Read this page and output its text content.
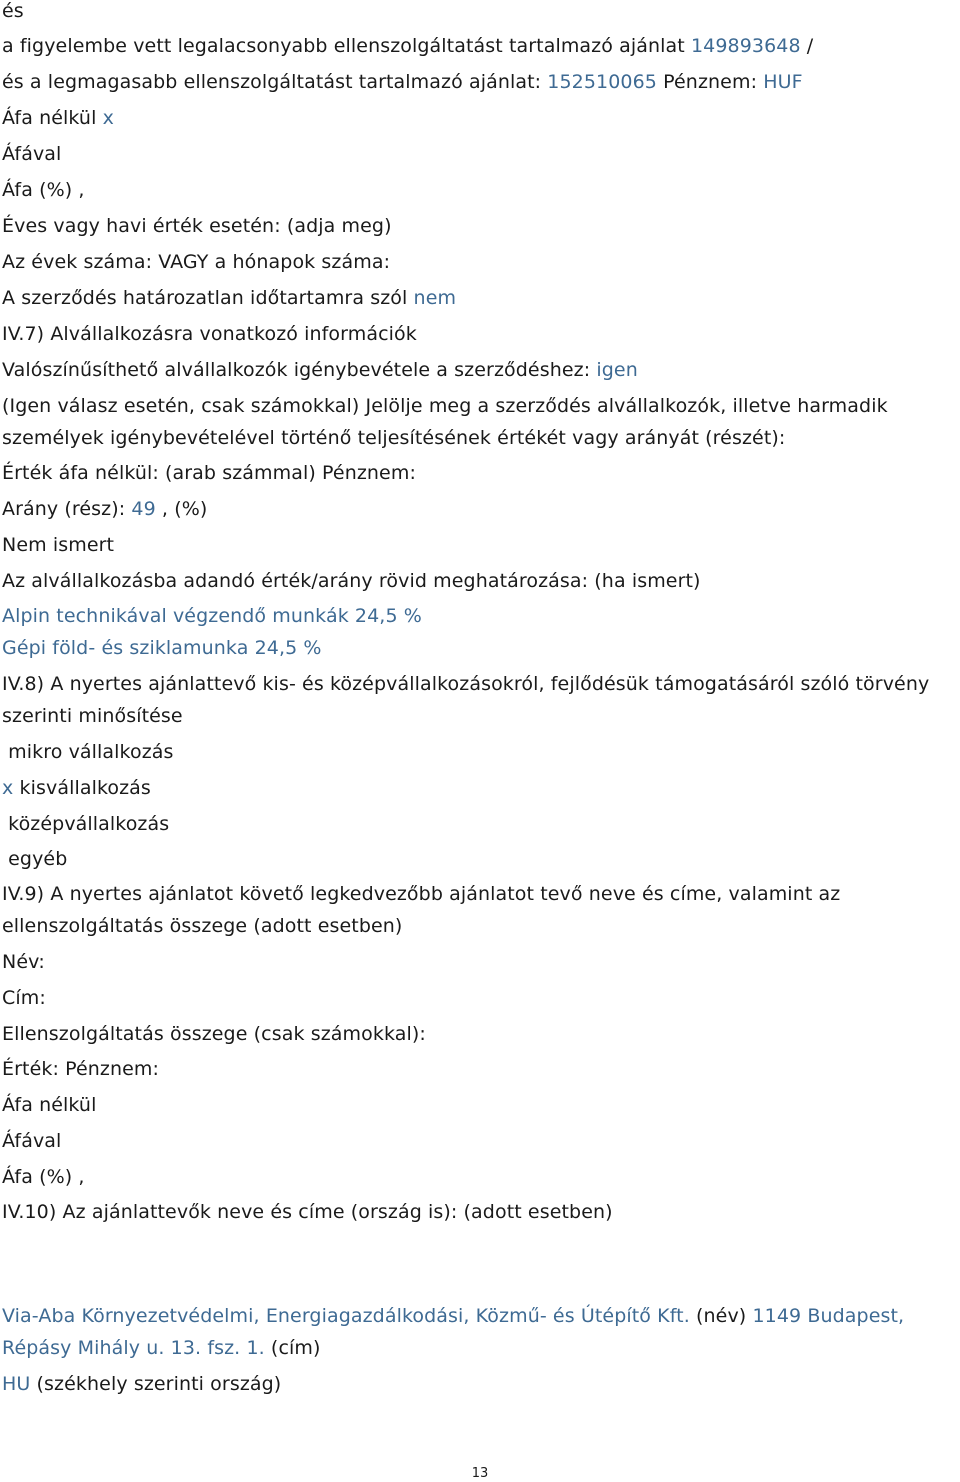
és
a figyelembe vett legalacsonyabb ellenszolgáltatást tartalmazó ajánlat 149893648 /
és a legmagasabb ellenszolgáltatást tartalmazó ajánlat: 152510065 Pénznem: HUF
Áfa nélkül x
Áfával
Áfa (%) ,
Éves vagy havi érték esetén: (adja meg)
Az évek száma: VAGY a hónapok száma:
A szerződés határozatlan időtartamra szól nem
IV.7) Alvállalkozásra vonatkozó információk
Valószínűsíthető alvállalkozók igénybevétele a szerződéshez: igen
(Igen válasz esetén, csak számokkal) Jelölje meg a szerződés alvállalkozók, illetve harmadik
személyek igénybevételével történő teljesítésének értékét vagy arányát (részét):
Érték áfa nélkül: (arab számmal) Pénznem:
Arány (rész): 49 , (%)
Nem ismert
Az alvállalkozásba adandó érték/arány rövid meghatározása: (ha ismert)
Alpin technikával végzendő munkák 24,5 %
Gépi föld- és sziklamunka 24,5 %
IV.8) A nyertes ajánlattevő kis- és középvállalkozásokról, fejlődésük támogatásáról szóló törvény
szerinti minősítése
mikro vállalkozás
x kisvállalkozás
középvállalkozás
egyéb
IV.9) A nyertes ajánlatot követő legkedvezőbb ajánlatot tevő neve és címe, valamint az
ellenszolgáltatás összege (adott esetben)
Név:
Cím:
Ellenszolgáltatás összege (csak számokkal):
Érték: Pénznem:
Áfa nélkül
Áfával
Áfa (%) ,
IV.10) Az ajánlattevők neve és címe (ország is): (adott esetben)
Via-Aba Környezetvédelmi, Energiagazdálkodási, Közmű- és Útépítő Kft. (név) 1149 Budapest,
Répásy Mihály u. 13. fsz. 1. (cím)
HU (székhely szerinti ország)
13
